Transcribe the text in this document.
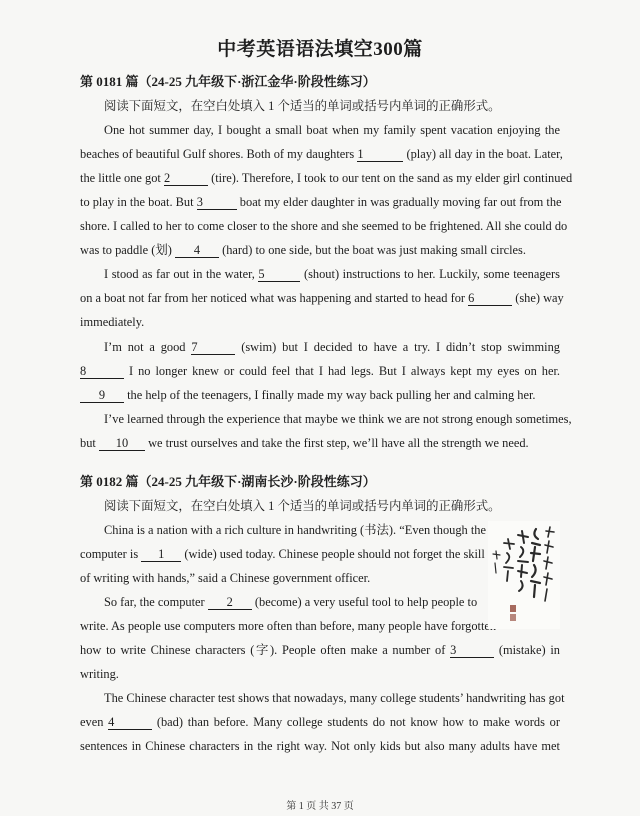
中考英语语法填空300篇
第 0181 篇（24-25 九年级下·浙江金华·阶段性练习）
阅读下面短文，在空白处填入 1 个适当的单词或括号内单词的正确形式。
One hot summer day, I bought a small boat when my family spent vacation enjoying the
beaches of beautiful Gulf shores. Both of my daughters 1	(play) all day in the boat. Later,
the little one got 2	(tire). Therefore, I took to our tent on the sand as my elder girl continued
to play in the boat. But 3	boat my elder daughter in was gradually moving far out from the
shore. I called to her to come closer to the shore and she seemed to be frightened. All she could do
was to paddle (划) 4 (hard) to one side, but the boat was just making small circles.
I stood as far out in the water, 5	(shout) instructions to her. Luckily, some teenagers
on a boat not far from her noticed what was happening and started to head for 6	(she) way
immediately.
I’m not a good 7	(swim) but I decided to have a try. I didn’t stop swimming
8	I no longer knew or could feel that I had legs. But I always kept my eyes on her.
9 the help of the teenagers, I finally made my way back pulling her and calming her.
I’ve learned through the experience that maybe we think we are not strong enough sometimes,
but 10 we trust ourselves and take the first step, we’ll have all the strength we need.
第 0182 篇（24-25 九年级下·湖南长沙·阶段性练习）
阅读下面短文，在空白处填入 1 个适当的单词或括号内单词的正确形式。
China is a nation with a rich culture in handwriting (书法). “Even though the
computer is 1 (wide) used today. Chinese people should not forget the skill
of writing with hands,” said a Chinese government officer.
So far, the computer 2 (become) a very useful tool to help people to
write. As people use computers more often than before, many people have forgotten
how to write Chinese characters (字). People often make a number of 3	(mistake) in
writing.
The Chinese character test shows that nowadays, many college students’ handwriting has got
even 4	(bad) than before. Many college students do not know how to make words or
sentences in Chinese characters in the right way. Not only kids but also many adults have met
第 1 页 共 37 页
